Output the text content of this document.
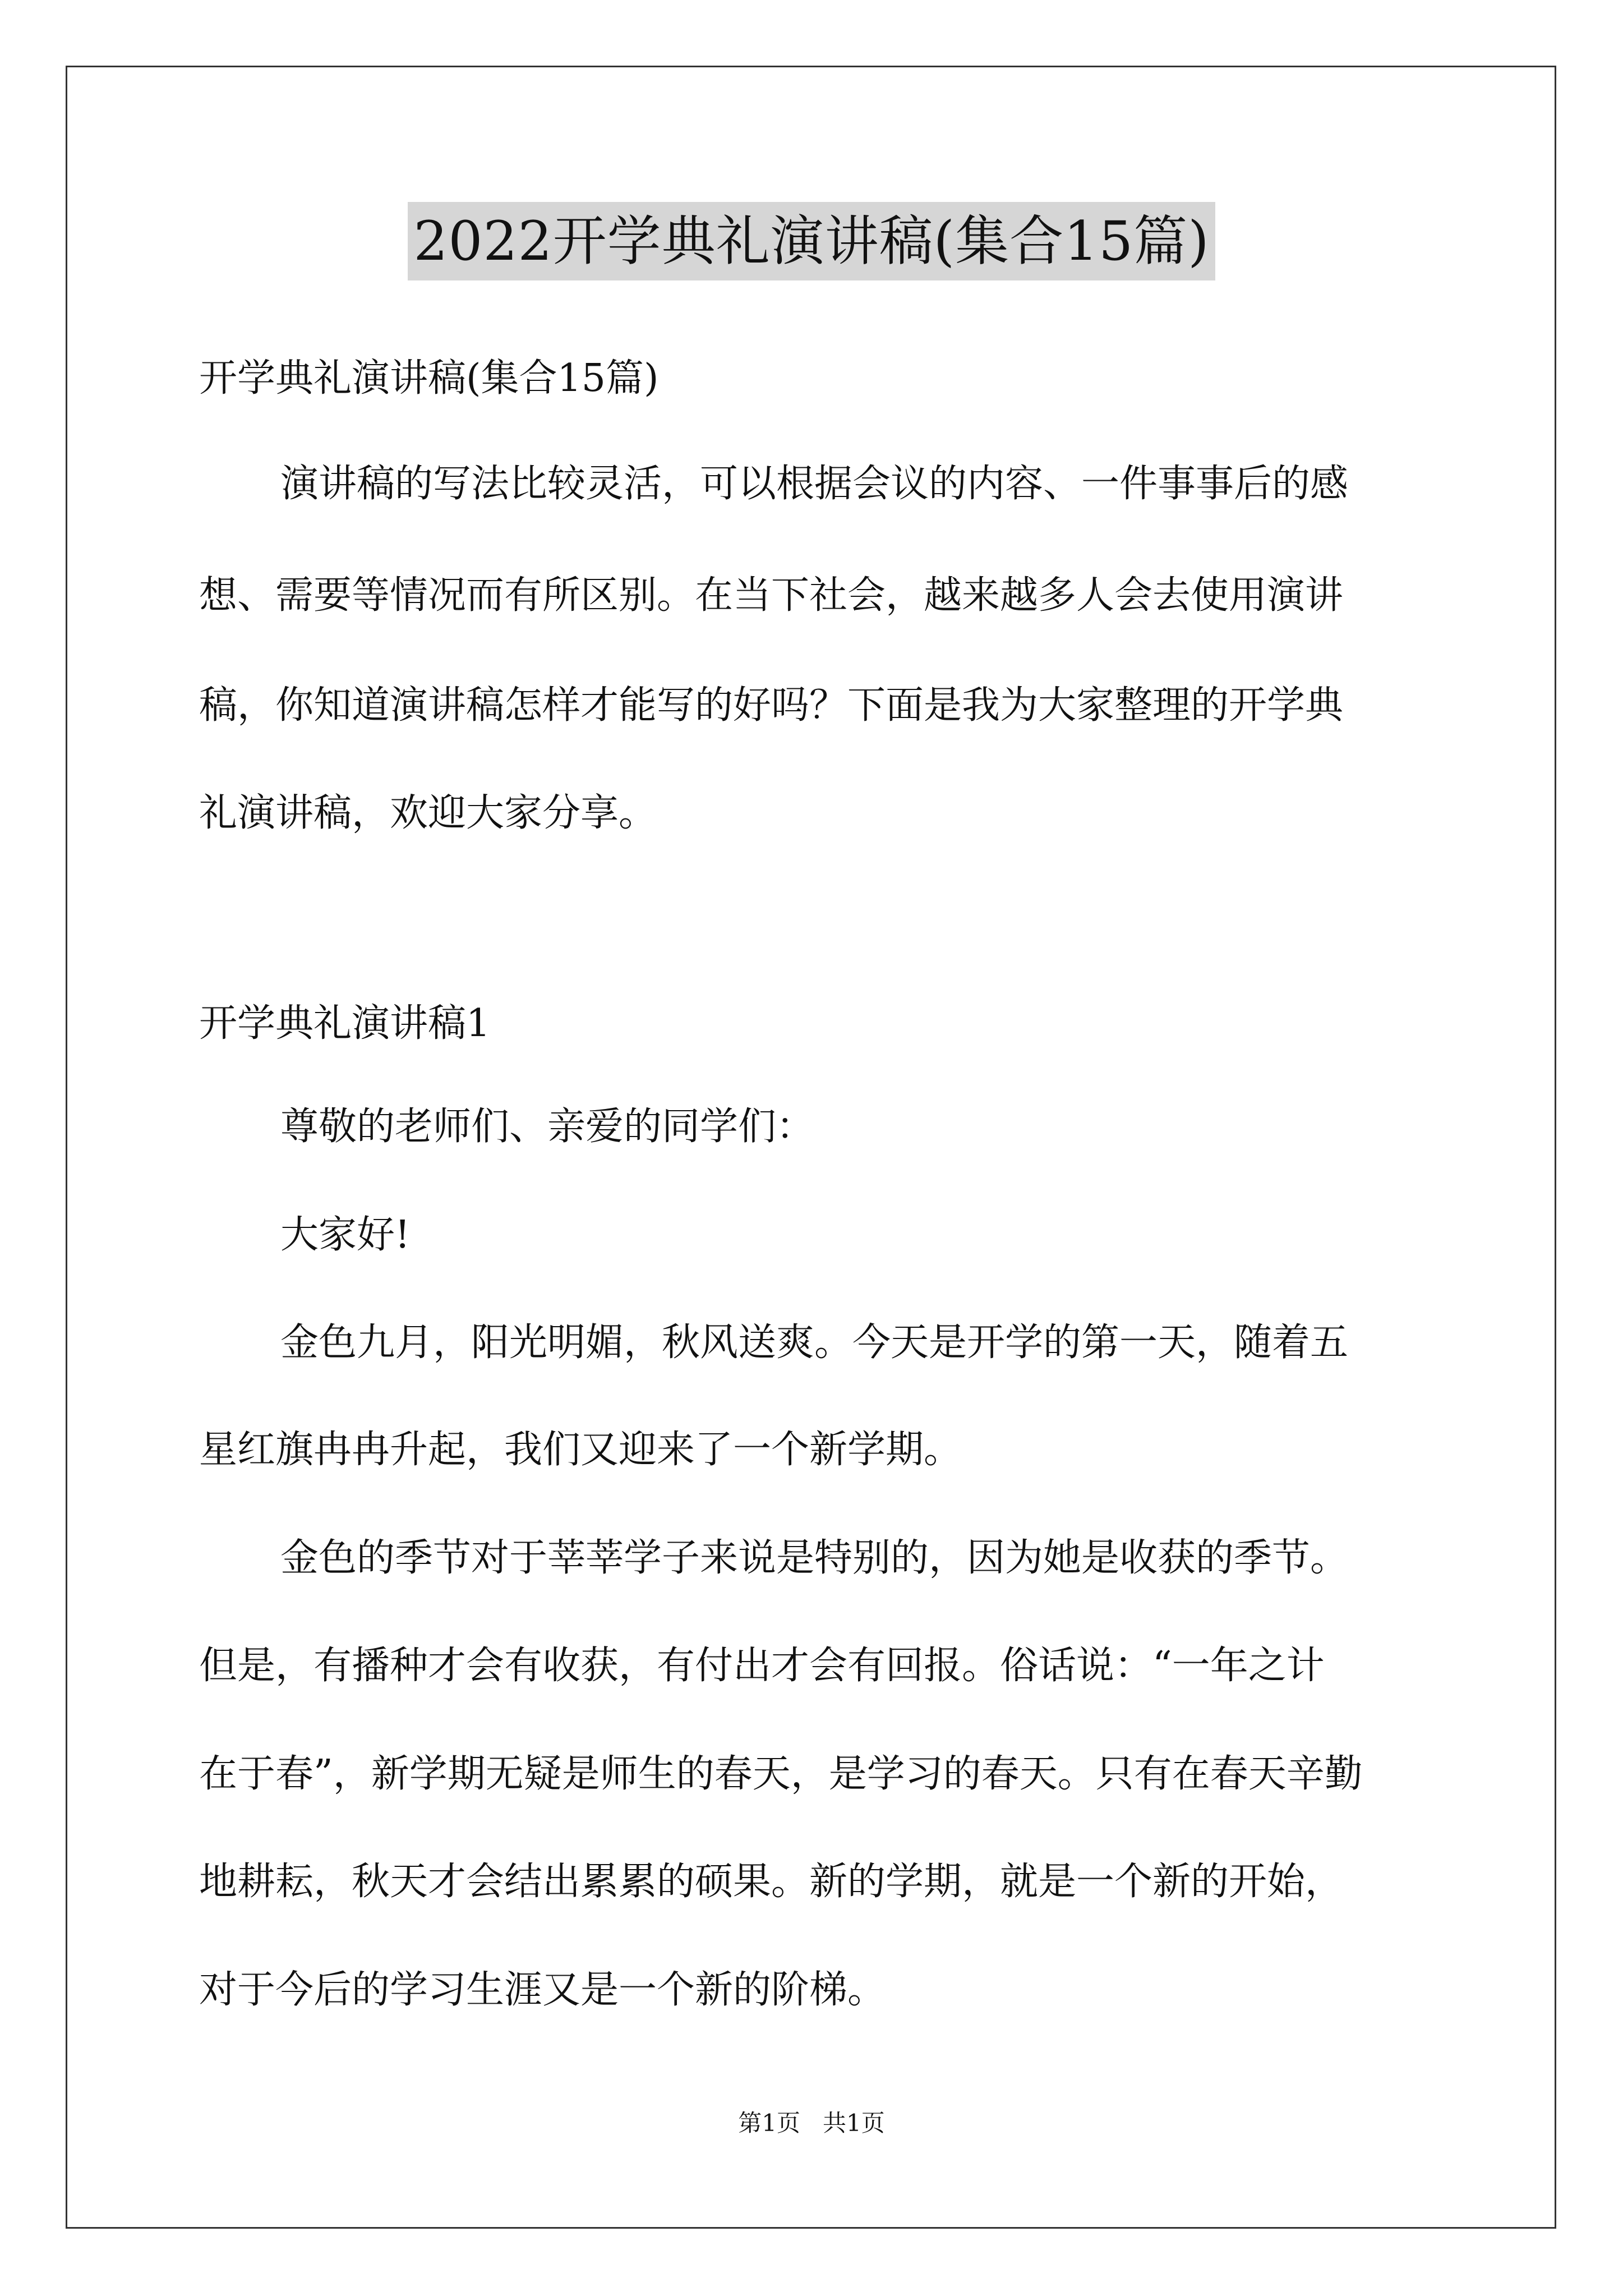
2022开学典礼演讲稿(集合15篇)
开学典礼演讲稿(集合15篇)
演讲稿的写法比较灵活，可以根据会议的内容、一件事事后的感
想、需要等情况而有所区别。在当下社会，越来越多人会去使用演讲
稿，你知道演讲稿怎样才能写的好吗？下面是我为大家整理的开学典
礼演讲稿，欢迎大家分享。
开学典礼演讲稿1
尊敬的老师们、亲爱的同学们：
大家好!
金色九月，阳光明媚，秋风送爽。今天是开学的第一天，随着五
星红旗冉冉升起，我们又迎来了一个新学期。
金色的季节对于莘莘学子来说是特别的，因为她是收获的季节。
但是，有播种才会有收获，有付出才会有回报。俗话说：“一年之计
在于春”，新学期无疑是师生的春天，是学习的春天。只有在春天辛勤
地耕耘，秋天才会结出累累的硕果。新的学期，就是一个新的开始，
对于今后的学习生涯又是一个新的阶梯。
第1页   共1页
